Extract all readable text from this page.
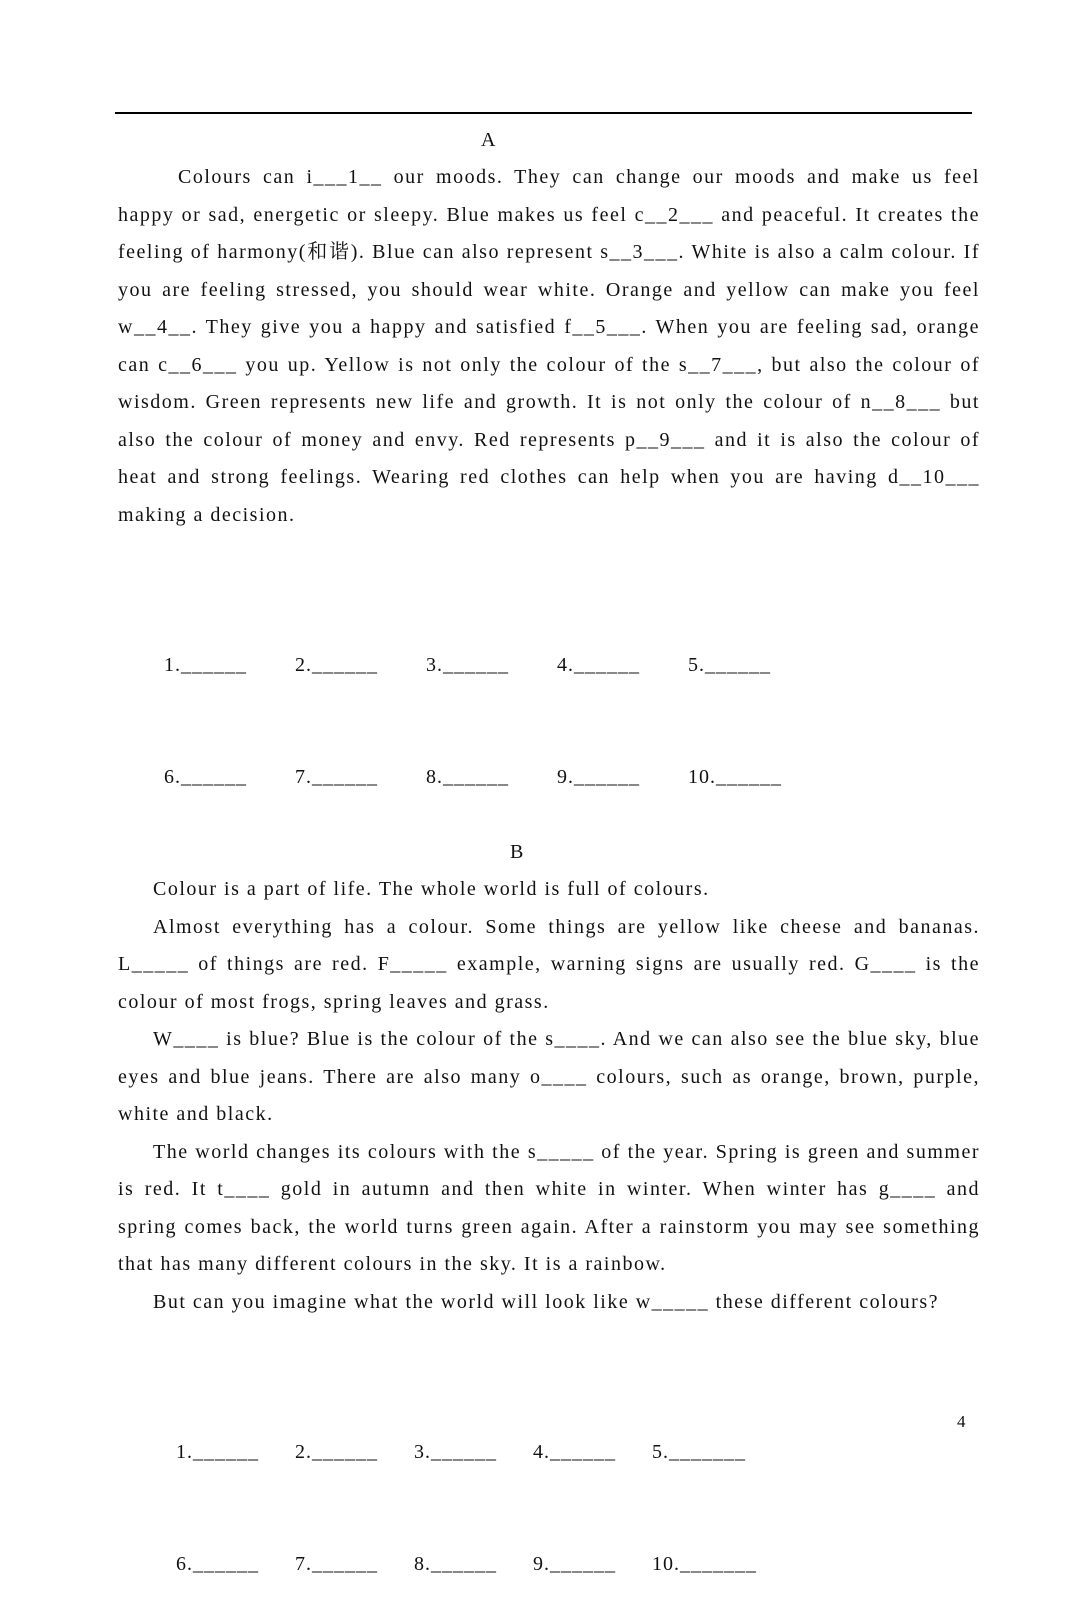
A

Colours can i___1__ our moods. They can change our moods and make us feel happy or sad, energetic or sleepy. Blue makes us feel c__2___ and peaceful. It creates the feeling of harmony(和谐). Blue can also represent s__3___. White is also a calm colour. If you are feeling stressed, you should wear white. Orange and yellow can make you feel w__4__. They give you a happy and satisfied f__5___. When you are feeling sad, orange can c__6___ you up. Yellow is not only the colour of the s__7___, but also the colour of wisdom. Green represents new life and growth. It is not only the colour of n__8___ but also the colour of money and envy. Red represents p__9___ and it is also the colour of heat and strong feelings. Wearing red clothes can help when you are having d__10___ making a decision.

1.______ 2.______ 3.______ 4.______ 5.______

6.______ 7.______ 8.______ 9.______ 10.______

B

Colour is a part of life. The whole world is full of colours.

Almost everything has a colour. Some things are yellow like cheese and bananas. L_____ of things are red. F_____ example, warning signs are usually red. G____ is the colour of most frogs, spring leaves and grass.

W____ is blue? Blue is the colour of the s____. And we can also see the blue sky, blue eyes and blue jeans. There are also many o____ colours, such as orange, brown, purple, white and black.

The world changes its colours with the s_____ of the year. Spring is green and summer is red. It t____ gold in autumn and then white in winter. When winter has g____ and spring comes back, the world turns green again. After a rainstorm you may see something that has many different colours in the sky. It is a rainbow.

But can you imagine what the world will look like w_____ these different colours?

1.______ 2.______ 3.______ 4.______ 5._______

6.______ 7.______ 8.______ 9.______ 10._______

4
